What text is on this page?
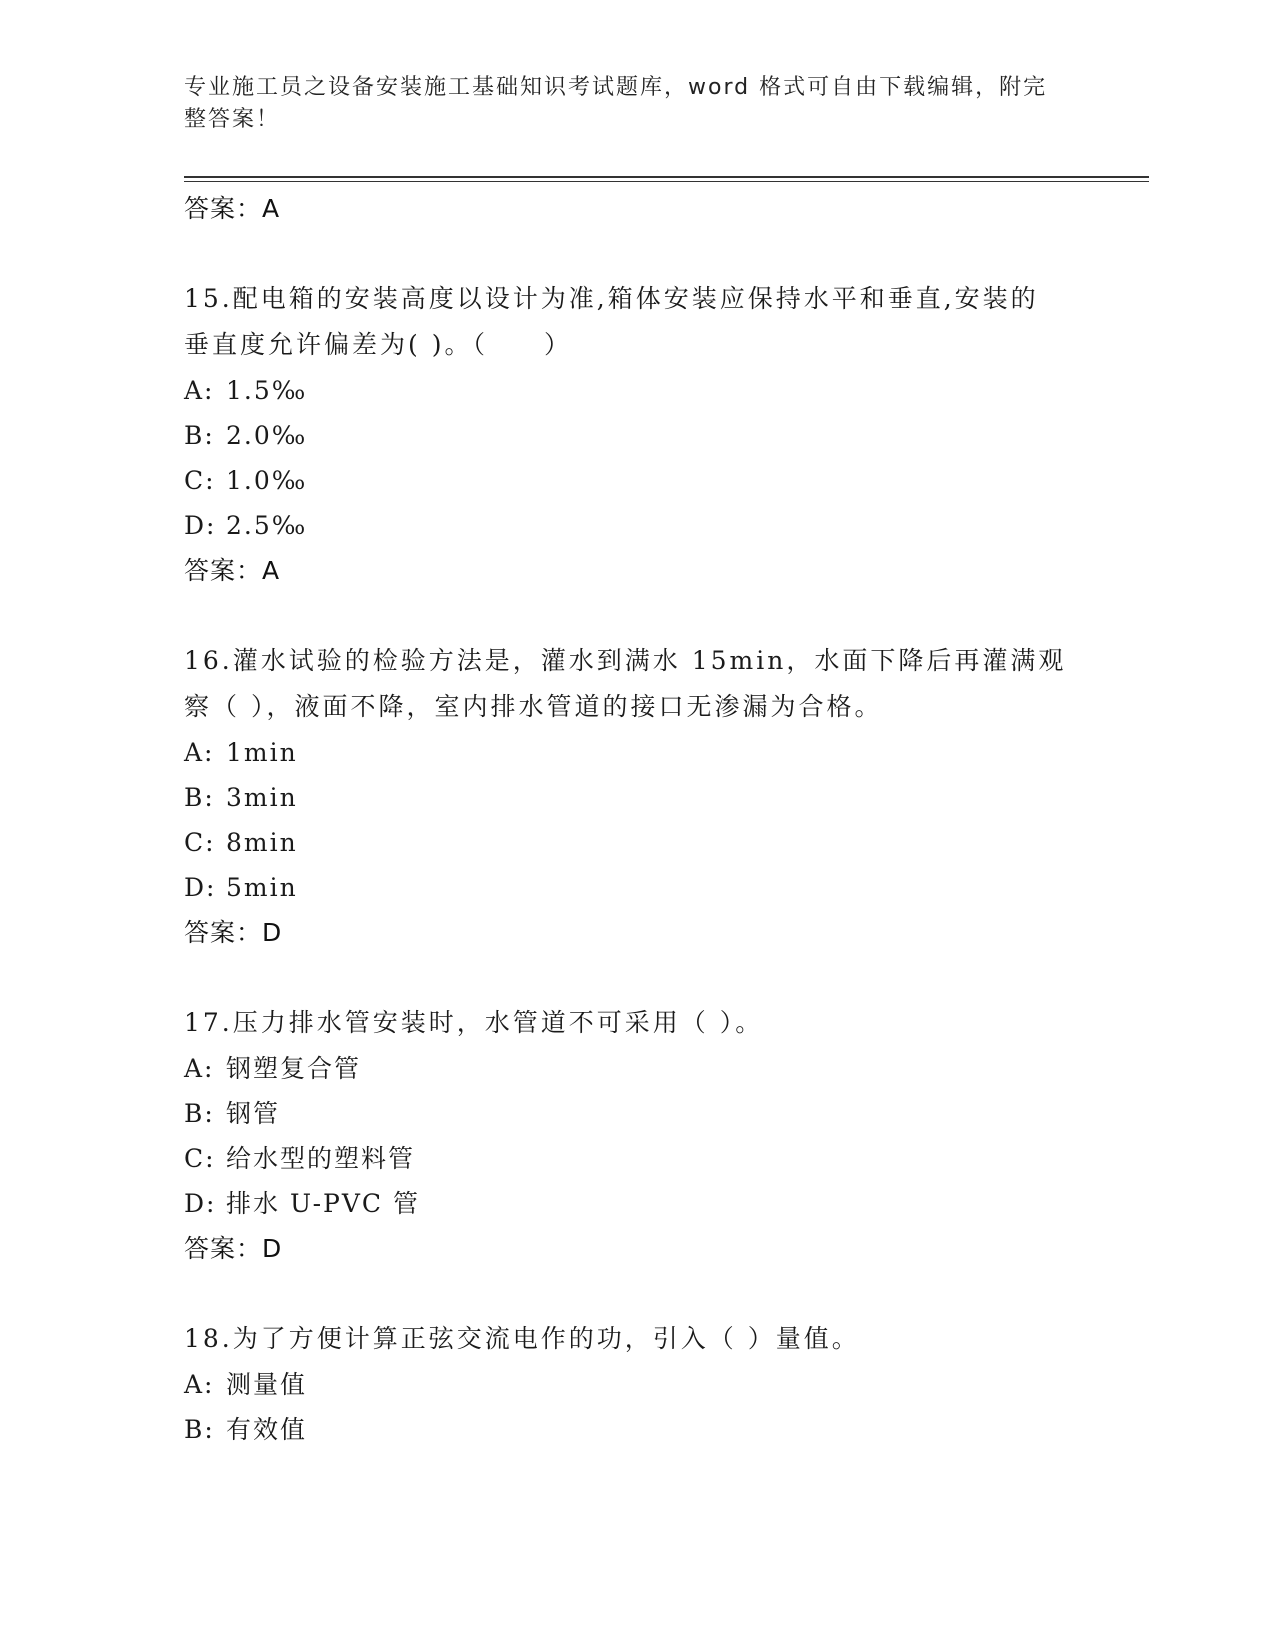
专业施工员之设备安装施工基础知识考试题库，word 格式可自由下载编辑，附完
整答案！
答案：A
15.配电箱的安装高度以设计为准,箱体安装应保持水平和垂直,安装的
垂直度允许偏差为( )。（　　）
A: 1.5‰
B: 2.0‰
C: 1.0‰
D: 2.5‰
答案：A
16.灌水试验的检验方法是，灌水到满水 15min，水面下降后再灌满观
察（ ），液面不降，室内排水管道的接口无渗漏为合格。
A: 1min
B: 3min
C: 8min
D: 5min
答案：D
17.压力排水管安装时，水管道不可采用（ ）。
A: 钢塑复合管
B: 钢管
C: 给水型的塑料管
D: 排水 U-PVC 管
答案：D
18.为了方便计算正弦交流电作的功，引入（ ）量值。
A: 测量值
B: 有效值
